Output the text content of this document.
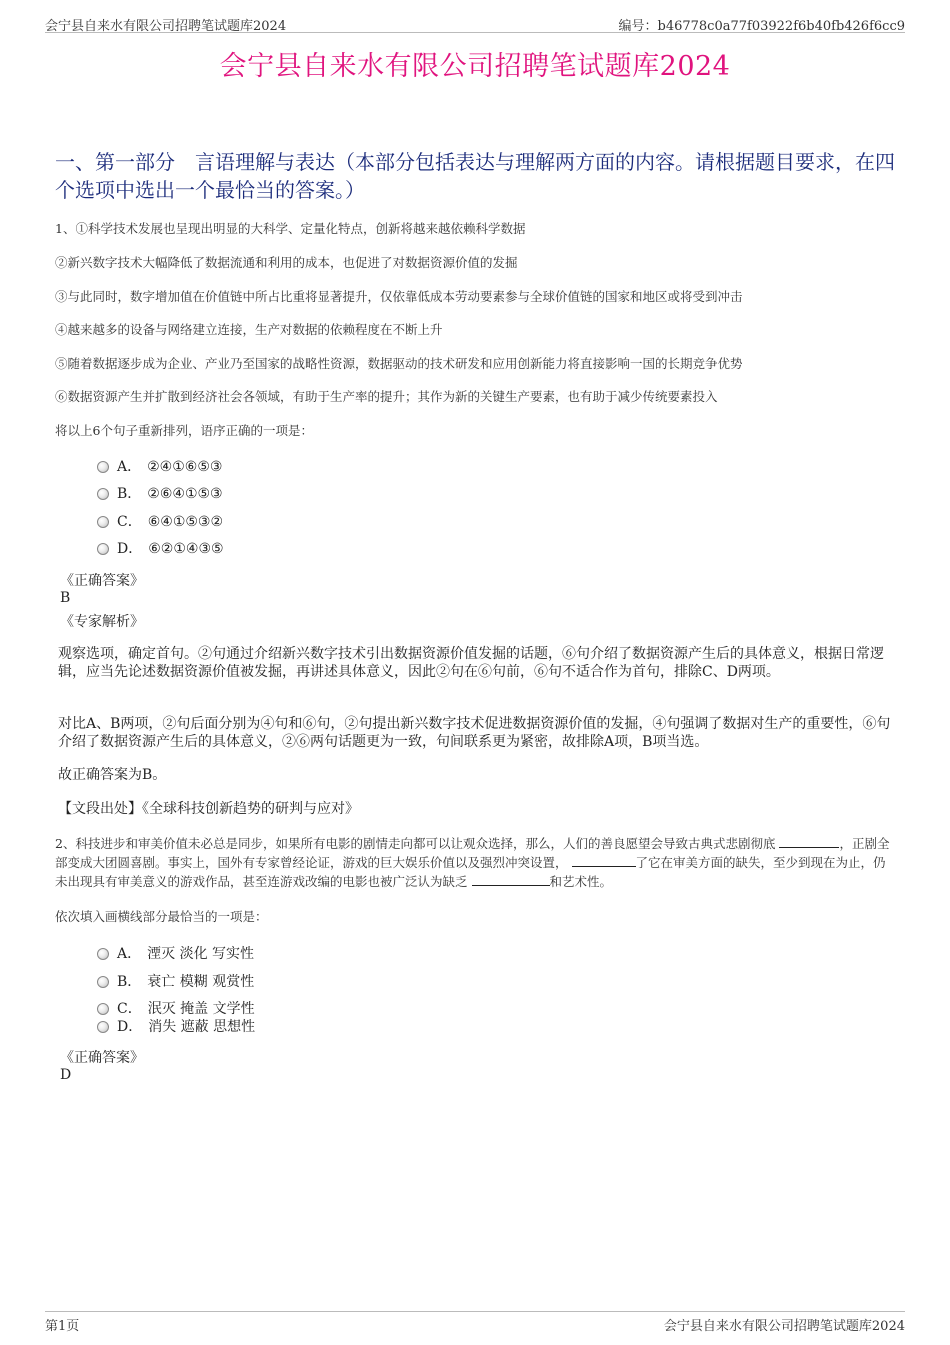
会宁县自来水有限公司招聘笔试题库2024	编号：b46778c0a77f03922f6b40fb426f6cc9
会宁县自来水有限公司招聘笔试题库2024
一、第一部分　言语理解与表达（本部分包括表达与理解两方面的内容。请根据题目要求，在四个选项中选出一个最恰当的答案。）
1、①科学技术发展也呈现出明显的大科学、定量化特点，创新将越来越依赖科学数据
②新兴数字技术大幅降低了数据流通和利用的成本，也促进了对数据资源价值的发掘
③与此同时，数字增加值在价值链中所占比重将显著提升，仅依靠低成本劳动要素参与全球价值链的国家和地区或将受到冲击
④越来越多的设备与网络建立连接，生产对数据的依赖程度在不断上升
⑤随着数据逐步成为企业、产业乃至国家的战略性资源，数据驱动的技术研发和应用创新能力将直接影响一国的长期竞争优势
⑥数据资源产生并扩散到经济社会各领域，有助于生产率的提升；其作为新的关键生产要素，也有助于减少传统要素投入
将以上6个句子重新排列，语序正确的一项是：
A． ②④①⑥⑤③
B． ②⑥④①⑤③
C． ⑥④①⑤③②
D． ⑥②①④③⑤
《正确答案》
B
《专家解析》
观察选项，确定首句。②句通过介绍新兴数字技术引出数据资源价值发掘的话题，⑥句介绍了数据资源产生后的具体意义，根据日常逻辑，应当先论述数据资源价值被发掘，再讲述具体意义，因此②句在⑥句前，⑥句不适合作为首句，排除C、D两项。
对比A、B两项，②句后面分别为④句和⑥句，②句提出新兴数字技术促进数据资源价值的发掘，④句强调了数据对生产的重要性，⑥句介绍了数据资源产生后的具体意义，②⑥两句话题更为一致，句间联系更为紧密，故排除A项，B项当选。
故正确答案为B。
【文段出处】《全球科技创新趋势的研判与应对》
2、科技进步和审美价值未必总是同步，如果所有电影的剧情走向都可以让观众选择，那么，人们的善良愿望会导致古典式悲剧彻底	，正剧全部变成大团圆喜剧。事实上，国外有专家曾经论证，游戏的巨大娱乐价值以及强烈冲突设置，	了它在审美方面的缺失，至少到现在为止，仍未出现具有审美意义的游戏作品，甚至连游戏改编的电影也被广泛认为缺乏	和艺术性。
依次填入画横线部分最恰当的一项是：
A． 湮灭 淡化 写实性
B． 衰亡 模糊 观赏性
C． 泯灭 掩盖 文学性
D． 消失 遮蔽 思想性
《正确答案》
D
第1页	会宁县自来水有限公司招聘笔试题库2024
